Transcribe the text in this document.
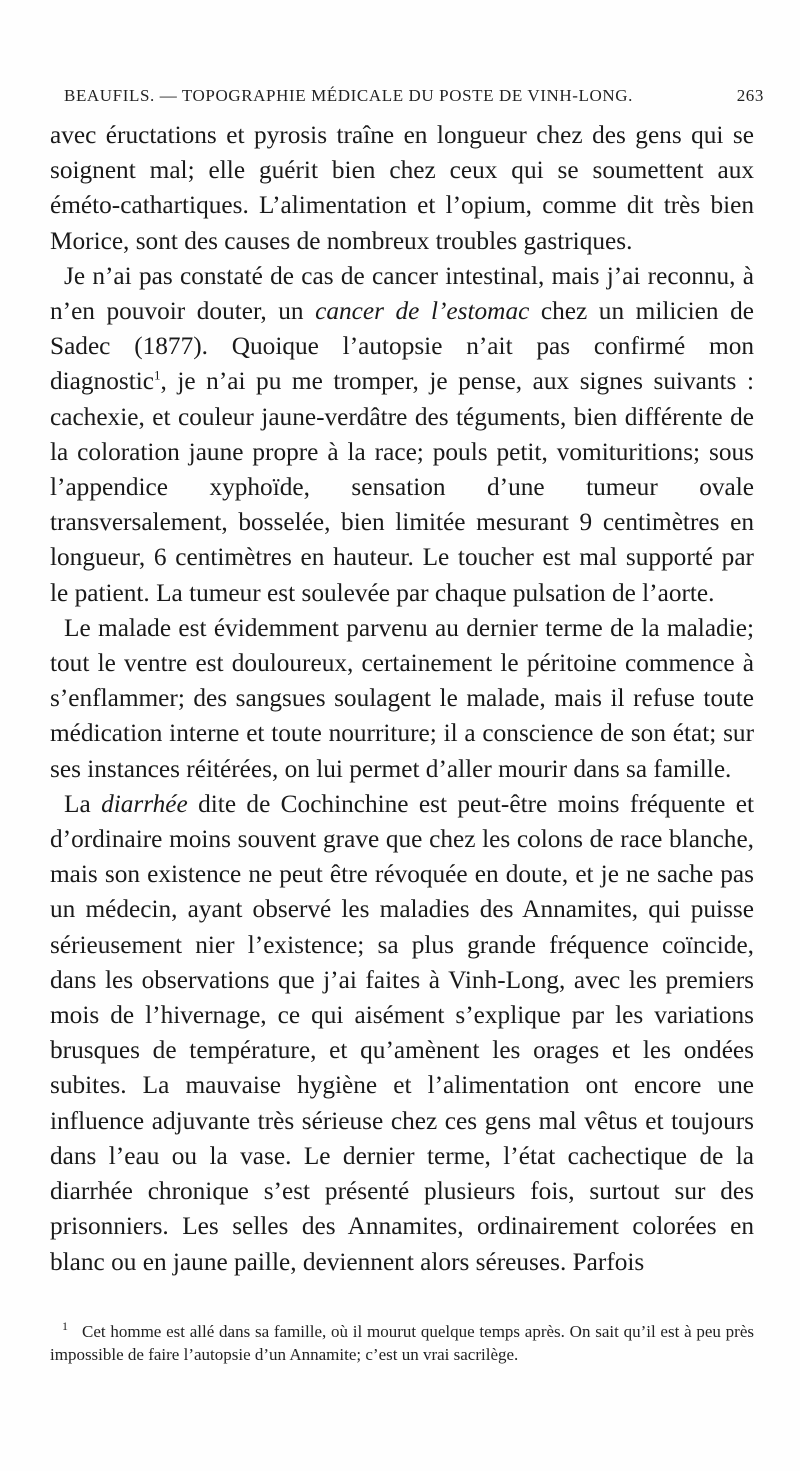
BEAUFILS. — TOPOGRAPHIE MÉDICALE DU POSTE DE VINH-LONG.	263

avec éructations et pyrosis traîne en longueur chez des gens qui se soignent mal; elle guérit bien chez ceux qui se soumettent aux éméto-cathartiques. L’alimentation et l’opium, comme dit très bien Morice, sont des causes de nombreux troubles gastriques.

Je n’ai pas constaté de cas de cancer intestinal, mais j’ai reconnu, à n’en pouvoir douter, un cancer de l’estomac chez un milicien de Sadec (1877). Quoique l’autopsie n’ait pas confirmé mon diagnostic$^1$, je n’ai pu me tromper, je pense, aux signes suivants : cachexie, et couleur jaune-verdâtre des téguments, bien différente de la coloration jaune propre à la race; pouls petit, vomituritions; sous l’appendice xyphoïde, sensation d’une tumeur ovale transversalement, bosselée, bien limitée mesurant 9 centimètres en longueur, 6 centimètres en hauteur. Le toucher est mal supporté par le patient. La tumeur est soulevée par chaque pulsation de l’aorte.

Le malade est évidemment parvenu au dernier terme de la maladie; tout le ventre est douloureux, certainement le péritoine commence à s’enflammer; des sangsues soulagent le malade, mais il refuse toute médication interne et toute nourriture; il a conscience de son état; sur ses instances réitérées, on lui permet d’aller mourir dans sa famille.

La diarrhée dite de Cochinchine est peut-être moins fréquente et d’ordinaire moins souvent grave que chez les colons de race blanche, mais son existence ne peut être révoquée en doute, et je ne sache pas un médecin, ayant observé les maladies des Annamites, qui puisse sérieusement nier l’existence; sa plus grande fréquence coïncide, dans les observations que j’ai faites à Vinh-Long, avec les premiers mois de l’hivernage, ce qui aisément s’explique par les variations brusques de température, et qu’amènent les orages et les ondées subites. La mauvaise hygiène et l’alimentation ont encore une influence adjuvante très sérieuse chez ces gens mal vêtus et toujours dans l’eau ou la vase. Le dernier terme, l’état cachectique de la diarrhée chronique s’est présenté plusieurs fois, surtout sur des prisonniers. Les selles des Annamites, ordinairement colorées en blanc ou en jaune paille, deviennent alors séreuses. Parfois

$^1$ Cet homme est allé dans sa famille, où il mourut quelque temps après. On sait qu’il est à peu près impossible de faire l’autopsie d’un Annamite; c’est un vrai sacrilège.
